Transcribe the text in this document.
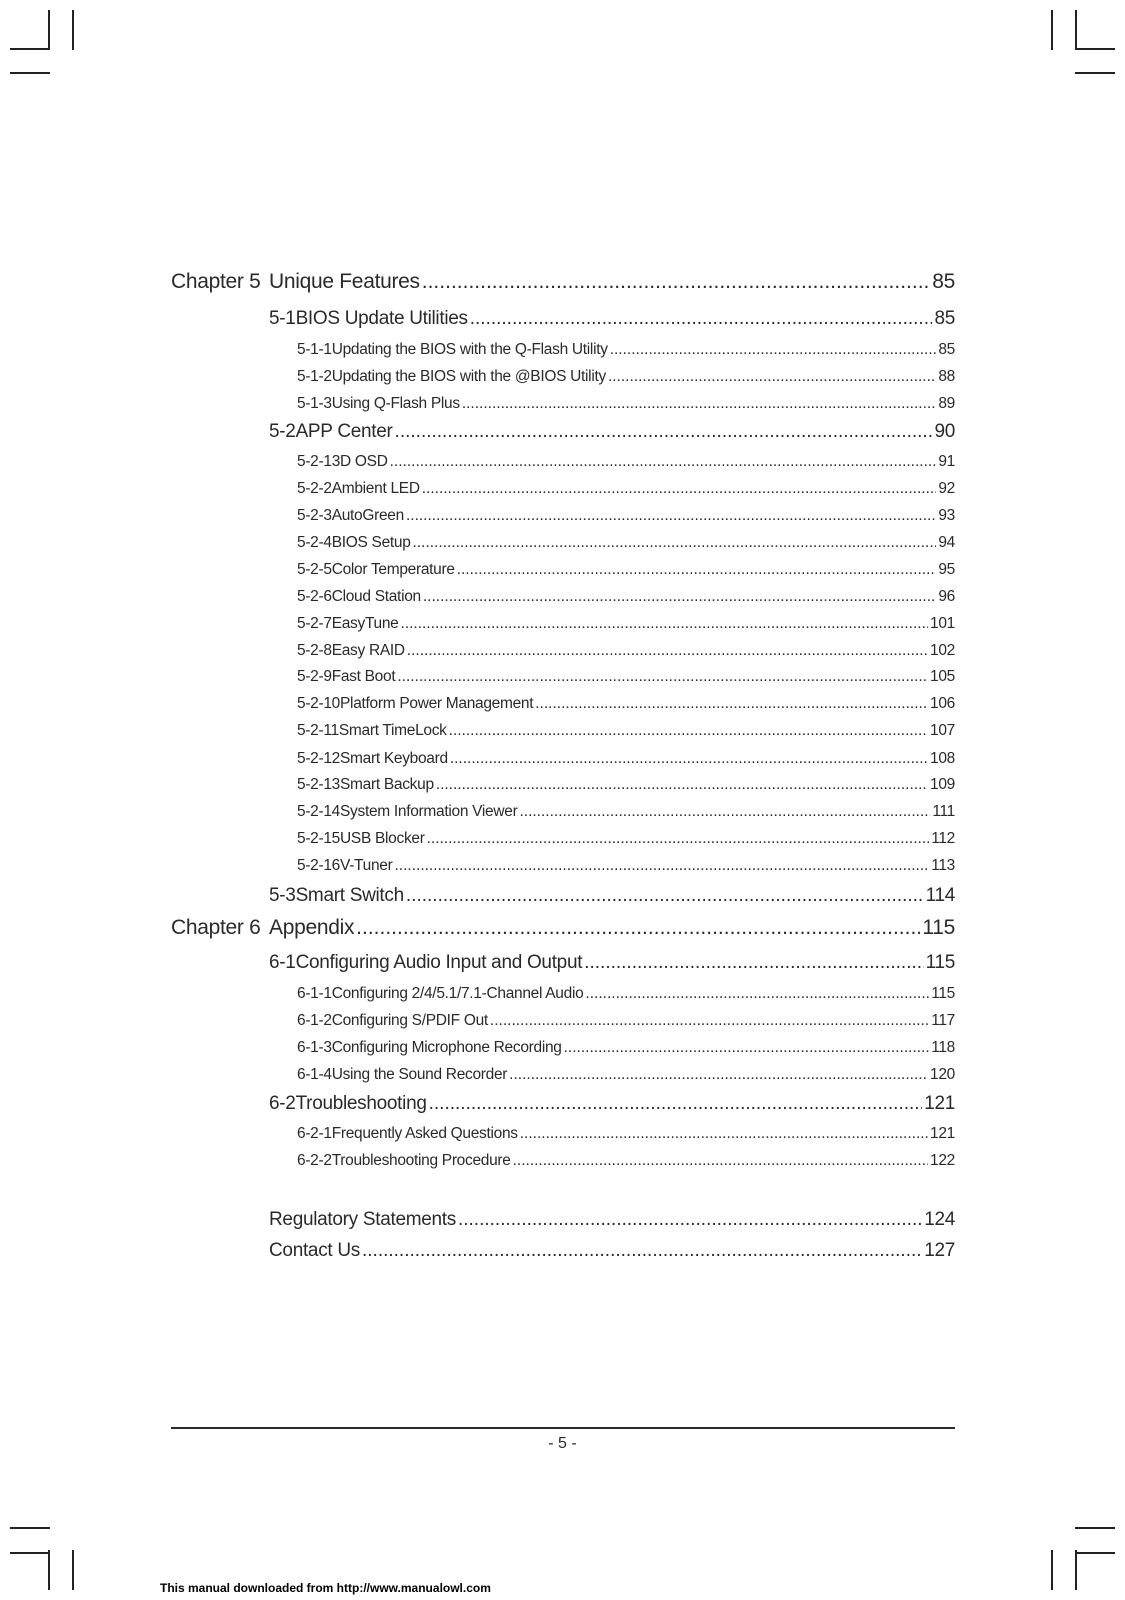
Chapter 5 Unique Features .....	85
5-1 BIOS Update Utilities .....	85
5-1-1 Updating the BIOS with the Q-Flash Utility .....	85
5-1-2 Updating the BIOS with the @BIOS Utility .....	88
5-1-3 Using Q-Flash Plus .....	89
5-2 APP Center .....	90
5-2-1 3D OSD .....	91
5-2-2 Ambient LED .....	92
5-2-3 AutoGreen .....	93
5-2-4 BIOS Setup .....	94
5-2-5 Color Temperature .....	95
5-2-6 Cloud Station .....	96
5-2-7 EasyTune .....	101
5-2-8 Easy RAID .....	102
5-2-9 Fast Boot .....	105
5-2-10 Platform Power Management .....	106
5-2-11 Smart TimeLock .....	107
5-2-12 Smart Keyboard .....	108
5-2-13 Smart Backup .....	109
5-2-14 System Information Viewer .....	111
5-2-15 USB Blocker .....	112
5-2-16 V-Tuner .....	113
5-3 Smart Switch .....	114
Chapter 6 Appendix .....	115
6-1 Configuring Audio Input and Output .....	115
6-1-1 Configuring 2/4/5.1/7.1-Channel Audio .....	115
6-1-2 Configuring S/PDIF Out .....	117
6-1-3 Configuring Microphone Recording .....	118
6-1-4 Using the Sound Recorder .....	120
6-2 Troubleshooting .....	121
6-2-1 Frequently Asked Questions .....	121
6-2-2 Troubleshooting Procedure .....	122
Regulatory Statements .....	124
Contact Us .....	127
- 5 -
This manual downloaded from http://www.manualowl.com
